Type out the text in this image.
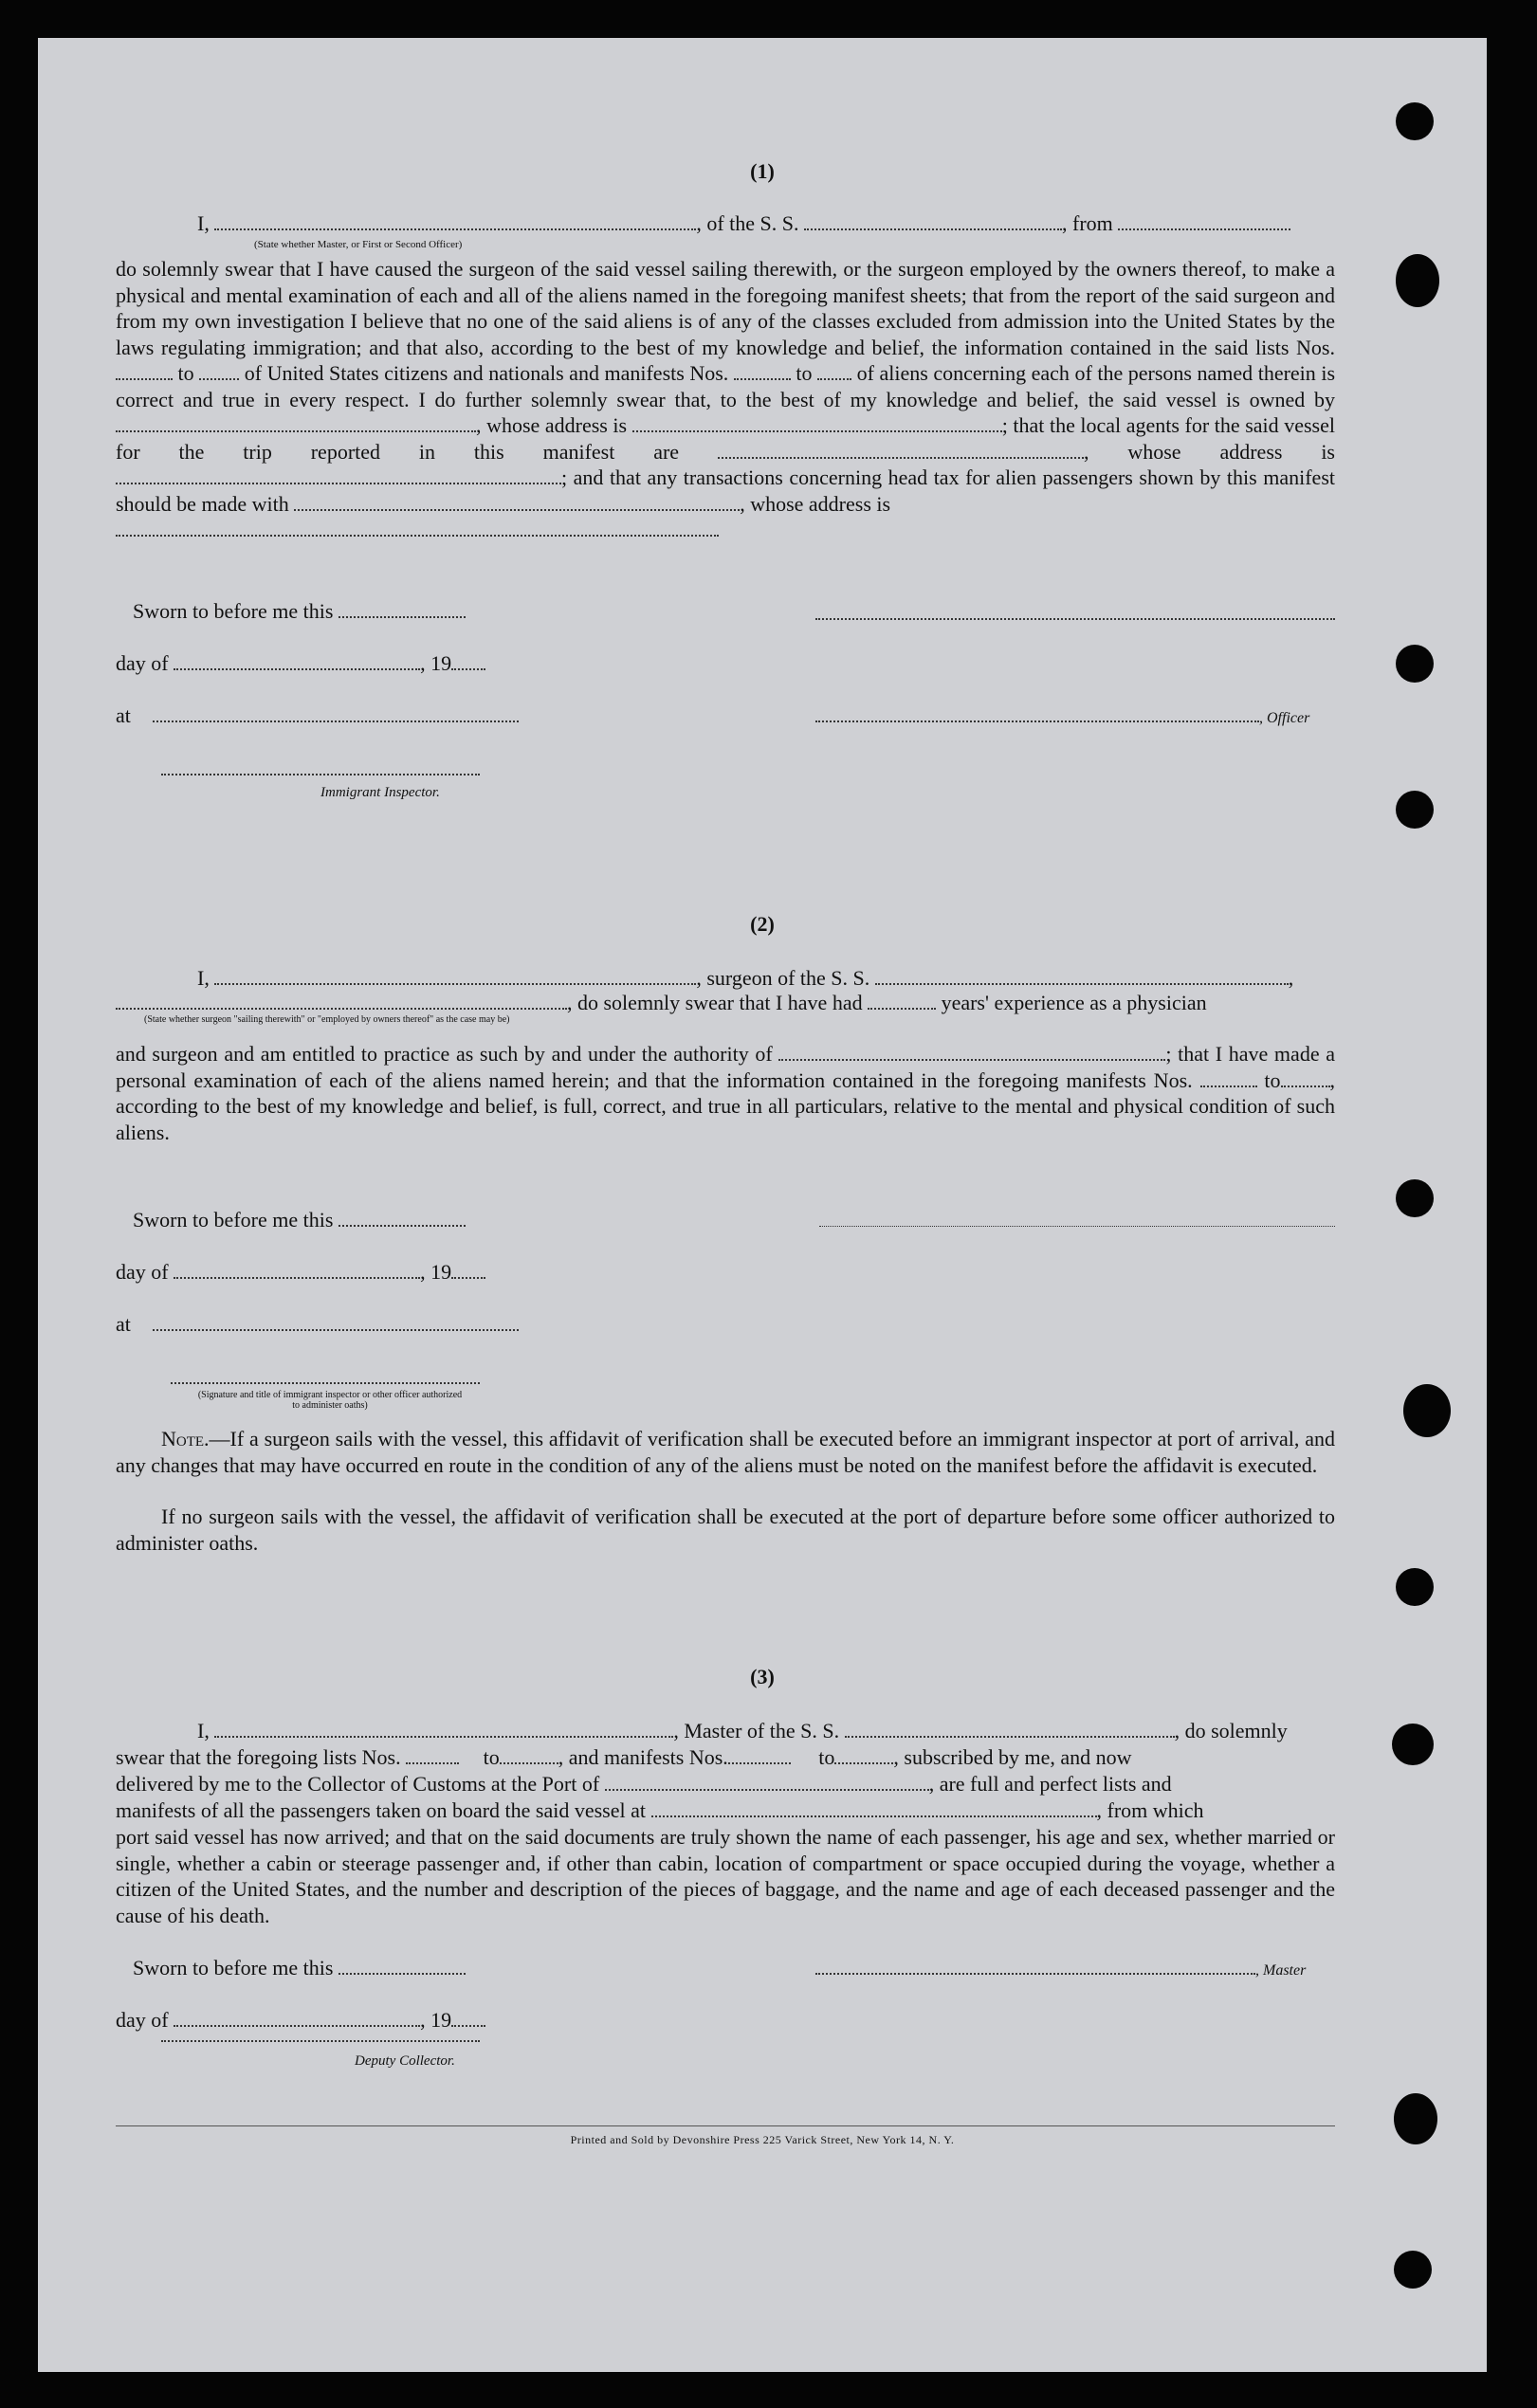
(1)
I,	, of the S. S.	, from
(State whether Master, or First or Second Officer)
do solemnly swear that I have caused the surgeon of the said vessel sailing therewith, or the surgeon employed by the owners thereof, to make a physical and mental examination of each and all of the aliens named in the foregoing manifest sheets; that from the report of the said surgeon and from my own investigation I believe that no one of the said aliens is of any of the classes excluded from admission into the United States by the laws regulating immigration; and that also, according to the best of my knowledge and belief, the information contained in the said lists Nos.  to of United States citizens and nationals and manifests Nos.	to of aliens concerning each of the persons named therein is correct and true in every respect. I do further solemnly swear that, to the best of my knowledge and belief, the said vessel is owned by , whose address is	; that the local agents for the said vessel for the trip reported in this manifest are	, whose address is ; and that any transactions concerning head tax for alien passengers shown by this manifest should be made with	, whose address is

Sworn to before me this
day of	, 19
at	, Officer
Immigrant Inspector.
(2)
I,	, surgeon of the S. S.	,
, do solemnly swear that I have had	years' experience as a physician
(State whether surgeon "sailing therewith" or "employed by owners thereof" as the case may be)
and surgeon and am entitled to practice as such by and under the authority of	; that I have made a personal examination of each of the aliens named herein; and that the information contained in the foregoing manifests Nos.	to , according to the best of my knowledge and belief, is full, correct, and true in all particulars, relative to the mental and physical condition of such aliens.
Sworn to before me this
day of	, 19
at
(Signature and title of immigrant inspector or other officer authorized to administer oaths)
Note.—If a surgeon sails with the vessel, this affidavit of verification shall be executed before an immigrant inspector at port of arrival, and any changes that may have occurred en route in the condition of any of the aliens must be noted on the manifest before the affidavit is executed.
If no surgeon sails with the vessel, the affidavit of verification shall be executed at the port of departure before some officer authorized to administer oaths.
(3)
I,	, Master of the S. S.	, do solemnly
swear that the foregoing lists Nos.	to	, and manifests Nos.	to	, subscribed by me, and now
delivered by me to the Collector of Customs at the Port of	, are full and perfect lists and
manifests of all the passengers taken on board the said vessel at	, from which
port said vessel has now arrived; and that on the said documents are truly shown the name of each passenger, his age and sex, whether married or single, whether a cabin or steerage passenger and, if other than cabin, location of compartment or space occupied during the voyage, whether a citizen of the United States, and the number and description of the pieces of baggage, and the name and age of each deceased passenger and the cause of his death.
Sworn to before me this	, Master
day of	, 19
Deputy Collector.
Printed and Sold by Devonshire Press 225 Varick Street, New York 14, N. Y.
